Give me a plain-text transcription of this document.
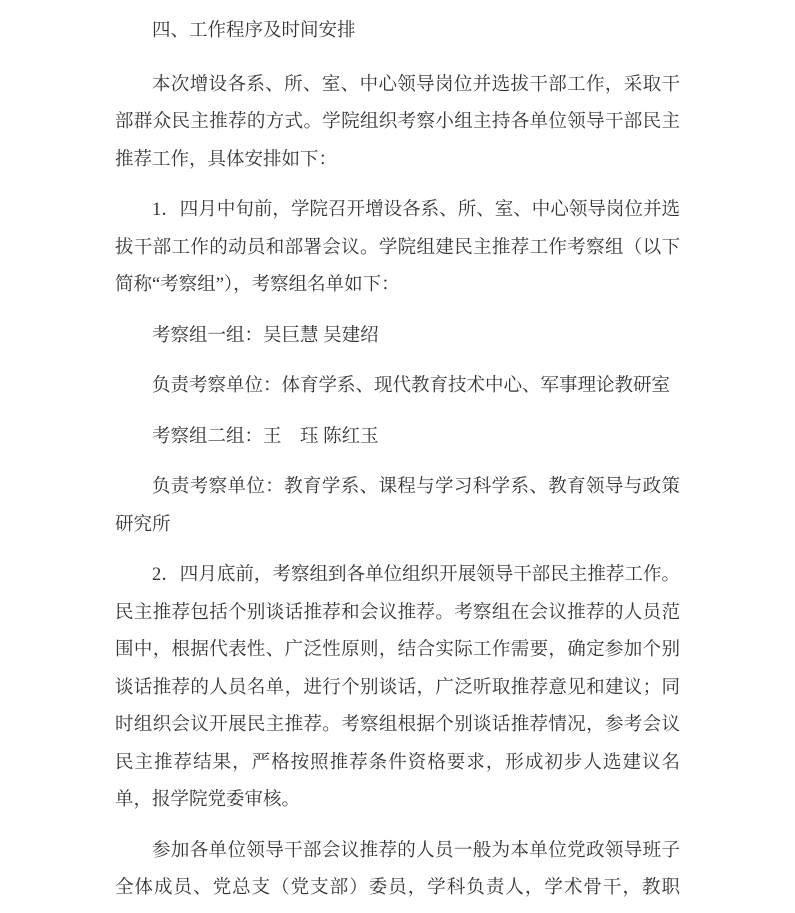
四、工作程序及时间安排

本次增设各系、所、室、中心领导岗位并选拔干部工作，采取干部群众民主推荐的方式。学院组织考察小组主持各单位领导干部民主推荐工作，具体安排如下：

1．四月中旬前，学院召开增设各系、所、室、中心领导岗位并选拔干部工作的动员和部署会议。学院组建民主推荐工作考察组（以下简称“考察组”），考察组名单如下：

考察组一组：吴巨慧 吴建绍

负责考察单位：体育学系、现代教育技术中心、军事理论教研室

考察组二组：王　珏 陈红玉

负责考察单位：教育学系、课程与学习科学系、教育领导与政策研究所

2．四月底前，考察组到各单位组织开展领导干部民主推荐工作。民主推荐包括个别谈话推荐和会议推荐。考察组在会议推荐的人员范围中，根据代表性、广泛性原则，结合实际工作需要，确定参加个别谈话推荐的人员名单，进行个别谈话，广泛听取推荐意见和建议；同时组织会议开展民主推荐。考察组根据个别谈话推荐情况，参考会议民主推荐结果，严格按照推荐条件资格要求，形成初步人选建议名单，报学院党委审核。

参加各单位领导干部会议推荐的人员一般为本单位党政领导班子全体成员、党总支（党支部）委员，学科负责人，学术骨干，教职
